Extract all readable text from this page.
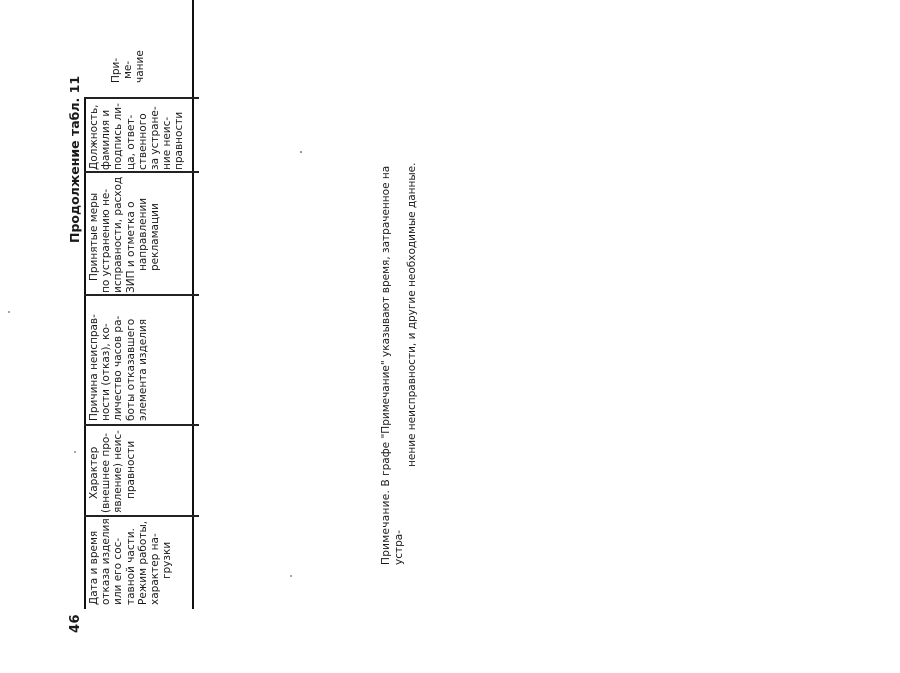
46
Продолжение табл. 11
Дата и время отказа изделия или его сос- тавной части. Режим работы, характер на- грузки
Характер (внешнее про- явление) неис- правности
Причина неисправ- ности (отказ), ко- личество часов ра- боты отказавшего элемента изделия
Принятые меры по устранению не- исправности, расход ЗИП и отметка о направлении рекламации
Должность, фамилия и подпись ли- ца, ответ- ственного за устране- ние неис- правности
При- ме- чание
Примечание. В графе "Примечание" указывают время, затраченное на устра-
нение неисправности, и другие необходимые данные.
